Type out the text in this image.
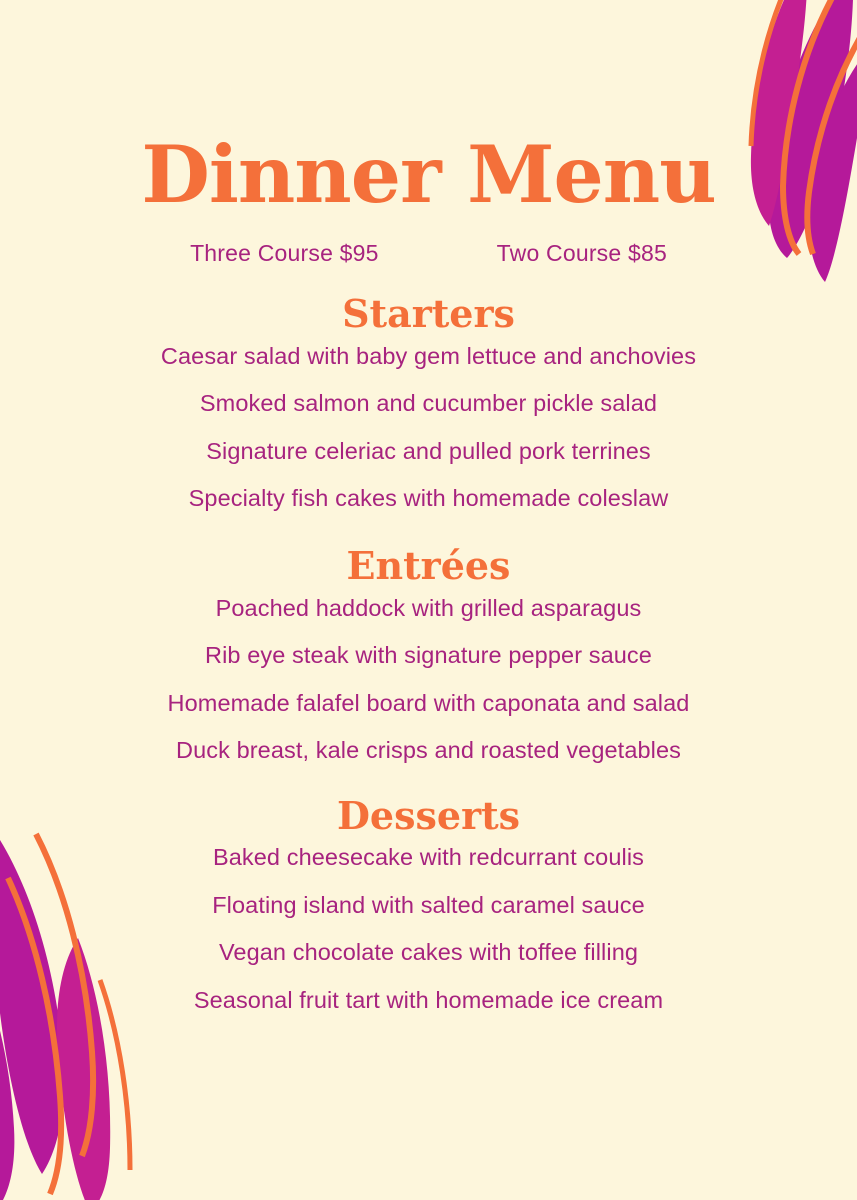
Dinner Menu
Three Course $95	Two Course $85
Starters

Caesar salad with baby gem lettuce and anchovies

Smoked salmon and cucumber pickle salad

Signature celeriac and pulled pork terrines

Specialty fish cakes with homemade coleslaw

Entrées

Poached haddock with grilled asparagus

Rib eye steak with signature pepper sauce

Homemade falafel board with caponata and salad

Duck breast, kale crisps and roasted vegetables

Desserts

Baked cheesecake with redcurrant coulis

Floating island with salted caramel sauce

Vegan chocolate cakes with toffee filling

Seasonal fruit tart with homemade ice cream
